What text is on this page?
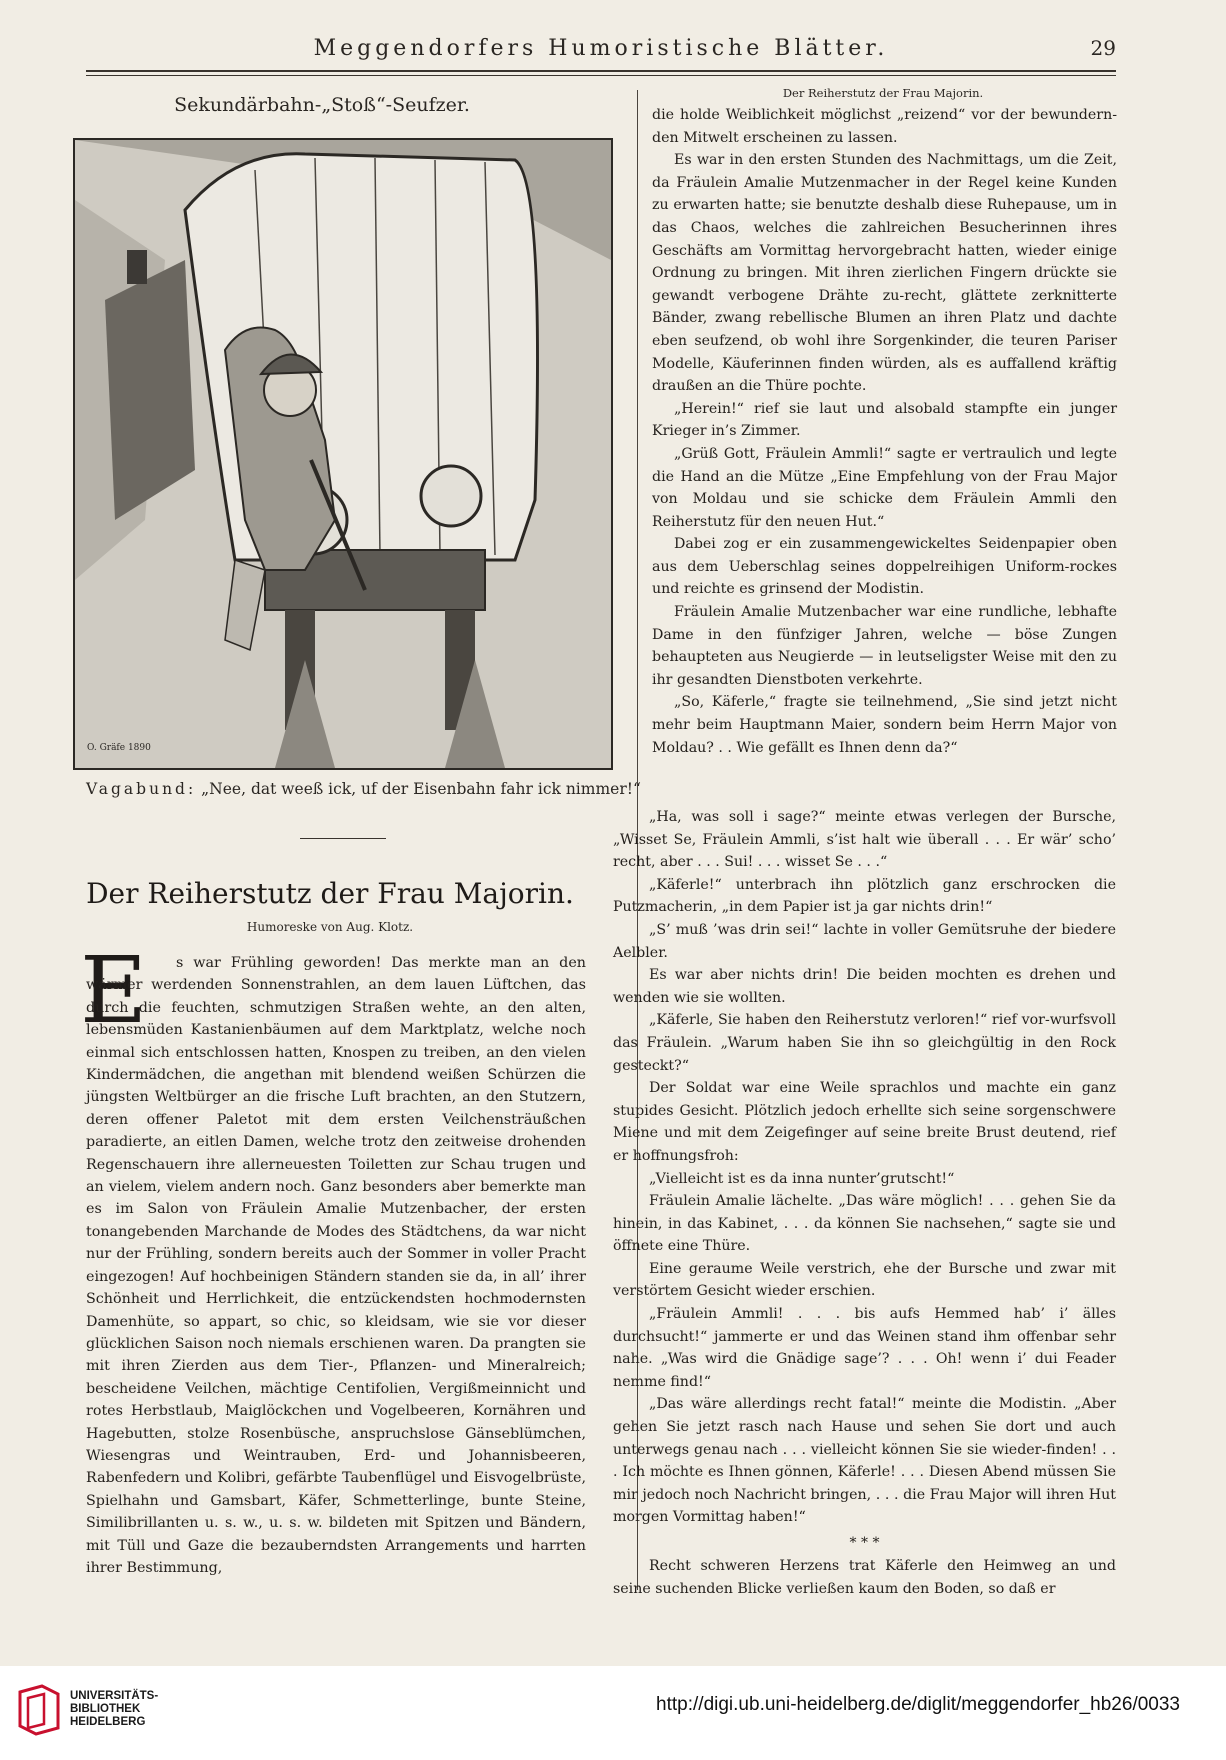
Meggendorfers Humoristische Blätter.	29
Sekundärbahn-„Stoß“-Seufzer.
O. Gräfe 1890
Vagabund: „Nee, dat weeß ick, uf der Eisenbahn fahr ick nimmer!“
Der Reiherstutz der Frau Majorin.
Humoreske von Aug. Klotz.
E	s war Frühling geworden! Das merkte man an den wärmer werdenden Sonnenstrahlen, an dem lauen Lüftchen, das durch die feuchten, schmutzigen Straßen wehte, an den alten, lebensmüden Kastanienbäumen auf dem Marktplatz, welche noch einmal sich entschlossen hatten, Knospen zu treiben, an den vielen Kindermädchen, die angethan mit blendend weißen Schürzen die jüngsten Weltbürger an die frische Luft brachten, an den Stutzern, deren offener Paletot mit dem ersten Veilchensträußchen paradierte, an eitlen Damen, welche trotz den zeitweise drohenden Regenschauern ihre allerneuesten Toiletten zur Schau trugen und an vielem, vielem andern noch. Ganz besonders aber bemerkte man es im Salon von Fräulein Amalie Mutzenbacher, der ersten tonangebenden Marchande de Modes des Städtchens, da war nicht nur der Frühling, sondern bereits auch der Sommer in voller Pracht eingezogen! Auf hochbeinigen Ständern standen sie da, in all’ ihrer Schönheit und Herrlichkeit, die entzückendsten hochmodernsten Damenhüte, so appart, so chic, so kleidsam, wie sie vor dieser glücklichen Saison noch niemals erschienen waren. Da prangten sie mit ihren Zierden aus dem Tier-, Pflanzen- und Mineralreich; bescheidene Veilchen, mächtige Centifolien, Vergißmeinnicht und rotes Herbstlaub, Maiglöckchen und Vogelbeeren, Kornähren und Hagebutten, stolze Rosenbüsche, anspruchslose Gänseblümchen, Wiesengras und Weintrauben, Erd- und Johannisbeeren, Rabenfedern und Kolibri, gefärbte Taubenflügel und Eisvogelbrüste, Spielhahn und Gamsbart, Käfer, Schmetterlinge, bunte Steine, Similibrillanten u. s. w., u. s. w. bildeten mit Spitzen und Bändern, mit Tüll und Gaze die bezauberndsten Arrangements und harrten ihrer Bestimmung,
Der Reiherstutz der Frau Majorin.

die holde Weiblichkeit möglichst „reizend“ vor der bewundern-den Mitwelt erscheinen zu lassen.

Es war in den ersten Stunden des Nachmittags, um die Zeit, da Fräulein Amalie Mutzenmacher in der Regel keine Kunden zu erwarten hatte; sie benutzte deshalb diese Ruhepause, um in das Chaos, welches die zahlreichen Besucherinnen ihres Geschäfts am Vormittag hervorgebracht hatten, wieder einige Ordnung zu bringen. Mit ihren zierlichen Fingern drückte sie gewandt verbogene Drähte zu-recht, glättete zerknitterte Bänder, zwang rebellische Blumen an ihren Platz und dachte eben seufzend, ob wohl ihre Sorgenkinder, die teuren Pariser Modelle, Käuferinnen finden würden, als es auffallend kräftig draußen an die Thüre pochte.

„Herein!“ rief sie laut und alsobald stampfte ein junger Krieger in’s Zimmer.

„Grüß Gott, Fräulein Ammli!“ sagte er vertraulich und legte die Hand an die Mütze „Eine Empfehlung von der Frau Major von Moldau und sie schicke dem Fräulein Ammli den Reiherstutz für den neuen Hut.“

Dabei zog er ein zusammengewickeltes Seidenpapier oben aus dem Ueberschlag seines doppelreihigen Uniform-rockes und reichte es grinsend der Modistin.

Fräulein Amalie Mutzenbacher war eine rundliche, lebhafte Dame in den fünfziger Jahren, welche — böse Zungen behaupteten aus Neugierde — in leutseligster Weise mit den zu ihr gesandten Dienstboten verkehrte.

„So, Käferle,“ fragte sie teilnehmend, „Sie sind jetzt nicht mehr beim Hauptmann Maier, sondern beim Herrn Major von Moldau? . . Wie gefällt es Ihnen denn da?“

„Ha, was soll i sage?“ meinte etwas verlegen der Bursche, „Wisset Se, Fräulein Ammli, s’ist halt wie überall . . . Er wär’ scho’ recht, aber . . . Sui! . . . wisset Se . . .“

„Käferle!“ unterbrach ihn plötzlich ganz erschrocken die Putzmacherin, „in dem Papier ist ja gar nichts drin!“

„S’ muß ’was drin sei!“ lachte in voller Gemütsruhe der biedere Aelbler.

Es war aber nichts drin! Die beiden mochten es drehen und wenden wie sie wollten.

„Käferle, Sie haben den Reiherstutz verloren!“ rief vor-wurfsvoll das Fräulein. „Warum haben Sie ihn so gleichgültig in den Rock gesteckt?“

Der Soldat war eine Weile sprachlos und machte ein ganz stupides Gesicht. Plötzlich jedoch erhellte sich seine sorgenschwere Miene und mit dem Zeigefinger auf seine breite Brust deutend, rief er hoffnungsfroh:

„Vielleicht ist es da inna nunter’grutscht!“

Fräulein Amalie lächelte. „Das wäre möglich! . . . gehen Sie da hinein, in das Kabinet, . . . da können Sie nachsehen,“ sagte sie und öffnete eine Thüre.

Eine geraume Weile verstrich, ehe der Bursche und zwar mit verstörtem Gesicht wieder erschien.

„Fräulein Ammli! . . . bis aufs Hemmed hab’ i’ älles durchsucht!“ jammerte er und das Weinen stand ihm offenbar sehr nahe. „Was wird die Gnädige sage’? . . . Oh! wenn i’ dui Feader nemme find!“

„Das wäre allerdings recht fatal!“ meinte die Modistin. „Aber gehen Sie jetzt rasch nach Hause und sehen Sie dort und auch unterwegs genau nach . . . vielleicht können Sie sie wieder-finden! . . . Ich möchte es Ihnen gönnen, Käferle! . . . Diesen Abend müssen Sie mir jedoch noch Nachricht bringen, . . . die Frau Major will ihren Hut morgen Vormittag haben!“

* * *

Recht schweren Herzens trat Käferle den Heimweg an und seine suchenden Blicke verließen kaum den Boden, so daß er

UNIVERSITÄTS-
BIBLIOTHEK
HEIDELBERG
http://digi.ub.uni-heidelberg.de/diglit/meggendorfer_hb26/0033
